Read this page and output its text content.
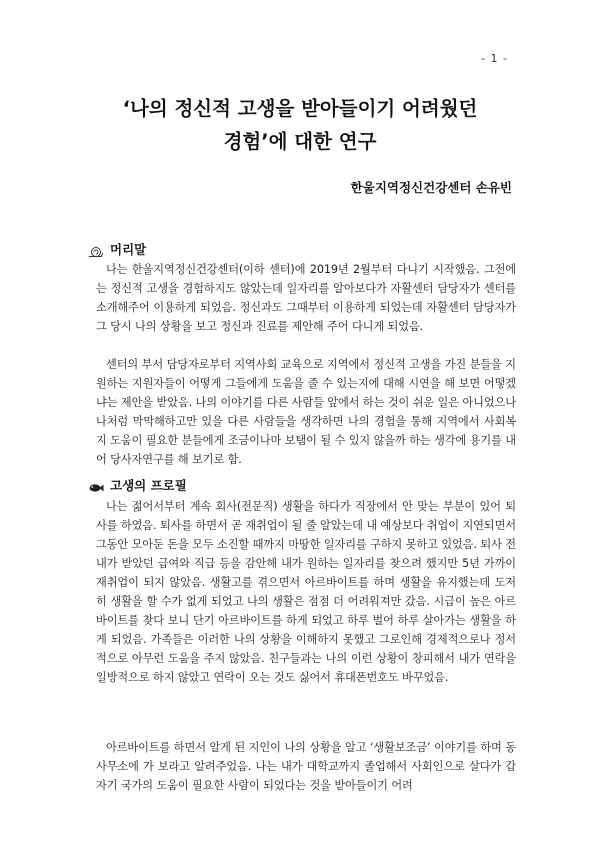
- 1 -
‘나의 정신적 고생을 받아들이기 어려웠던
경험’에 대한 연구
한울지역정신건강센터 손유빈
머리말

나는 한울지역정신건강센터(이하 센터)에 2019년 2월부터 다니기 시작했음. 그전에는 정신적 고생을 경험하지도 않았는데 일자리를 알아보다가 자활센터 담당자가 센터를 소개해주어 이용하게 되었음. 정신과도 그때부터 이용하게 되었는데 자활센터 담당자가 그 당시 나의 상황을 보고 정신과 진료를 제안해 주어 다니게 되었음.

센터의 부서 담당자로부터 지역사회 교육으로 지역에서 정신적 고생을 가진 분들을 지원하는 지원자들이 어떻게 그들에게 도움을 줄 수 있는지에 대해 시연을 해 보면 어떻겠냐는 제안을 받았음. 나의 이야기를 다른 사람들 앞에서 하는 것이 쉬운 일은 아니었으나 나처럼 막막해하고만 있을 다른 사람들을 생각하면 나의 경험을 통해 지역에서 사회복지 도움이 필요한 분들에게 조금이나마 보탬이 될 수 있지 않을까 하는 생각에 용기를 내어 당사자연구를 해 보기로 함.

고생의 프로필

나는 젊어서부터 계속 회사(전문직) 생활을 하다가 직장에서 안 맞는 부분이 있어 퇴사를 하였음. 퇴사를 하면서 곧 재취업이 될 줄 알았는데 내 예상보다 취업이 지연되면서 그동안 모아둔 돈을 모두 소진할 때까지 마땅한 일자리를 구하지 못하고 있었음. 퇴사 전 내가 받았던 급여와 직급 등을 감안해 내가 원하는 일자리를 찾으려 했지만 5년 가까이 재취업이 되지 않았음. 생활고를 겪으면서 아르바이트를 하며 생활을 유지했는데 도저히 생활을 할 수가 없게 되었고 나의 생활은 점점 더 어려워져만 갔음. 시급이 높은 아르바이트를 찾다 보니 단기 아르바이트를 하게 되었고 하루 벌어 하루 살아가는 생활을 하게 되었음. 가족들은 이러한 나의 상황을 이해하지 못했고 그로인해 경제적으로나 정서적으로 아무런 도움을 주지 않았음. 친구들과는 나의 이런 상황이 창피해서 내가 연락을 일방적으로 하지 않았고 연락이 오는 것도 싫어서 휴대폰번호도 바꾸었음.

아르바이트를 하면서 알게 된 지인이 나의 상황을 알고 ‘생활보조금’ 이야기를 하며 동사무소에 가 보라고 알려주었음. 나는 내가 대학교까지 졸업해서 사회인으로 살다가 갑자기 국가의 도움이 필요한 사람이 되었다는 것을 받아들이기 어려
